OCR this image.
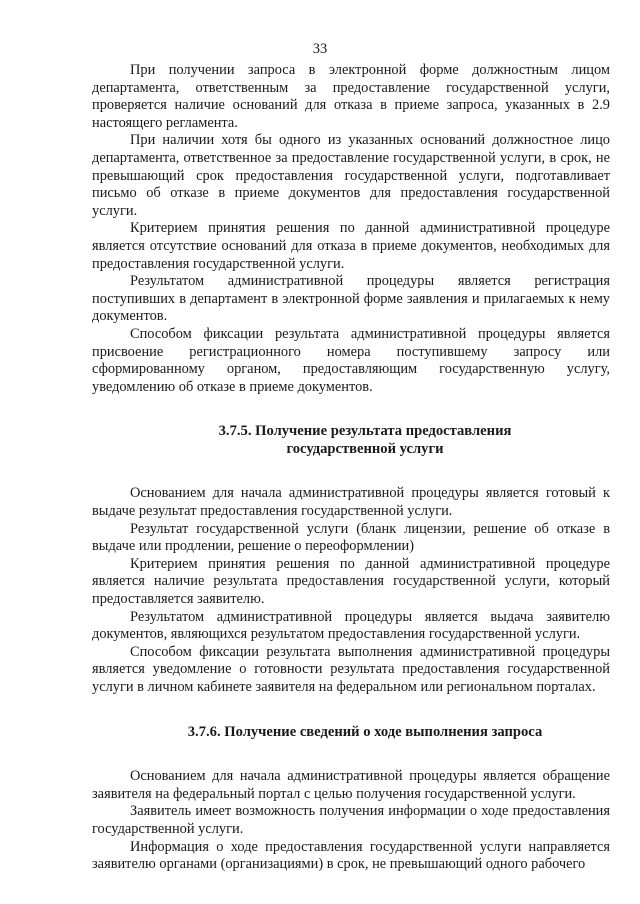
33

При получении запроса в электронной форме должностным лицом департамента, ответственным за предоставление государственной услуги, проверяется наличие оснований для отказа в приеме запроса, указанных в 2.9 настоящего регламента.

При наличии хотя бы одного из указанных оснований должностное лицо департамента, ответственное за предоставление государственной услуги, в срок, не превышающий срок предоставления государственной услуги, подготавливает письмо об отказе в приеме документов для предоставления государственной услуги.

Критерием принятия решения по данной административной процедуре является отсутствие оснований для отказа в приеме документов, необходимых для предоставления государственной услуги.

Результатом административной процедуры является регистрация поступивших в департамент в электронной форме заявления и прилагаемых к нему документов.

Способом фиксации результата административной процедуры является присвоение регистрационного номера поступившему запросу или сформированному органом, предоставляющим государственную услугу, уведомлению об отказе в приеме документов.

3.7.5. Получение результата предоставления
государственной услуги

Основанием для начала административной процедуры является готовый к выдаче результат предоставления государственной услуги.

Результат государственной услуги (бланк лицензии, решение об отказе в выдаче или продлении, решение о переоформлении)

Критерием принятия решения по данной административной процедуре является наличие результата предоставления государственной услуги, который предоставляется заявителю.

Результатом административной процедуры является выдача заявителю документов, являющихся результатом предоставления государственной услуги.

Способом фиксации результата выполнения административной процедуры является уведомление о готовности результата предоставления государственной услуги в личном кабинете заявителя на федеральном или региональном порталах.

3.7.6. Получение сведений о ходе выполнения запроса

Основанием для начала административной процедуры является обращение заявителя на федеральный портал с целью получения государственной услуги.

Заявитель имеет возможность получения информации о ходе предоставления государственной услуги.

Информация о ходе предоставления государственной услуги направляется заявителю органами (организациями) в срок, не превышающий одного рабочего
